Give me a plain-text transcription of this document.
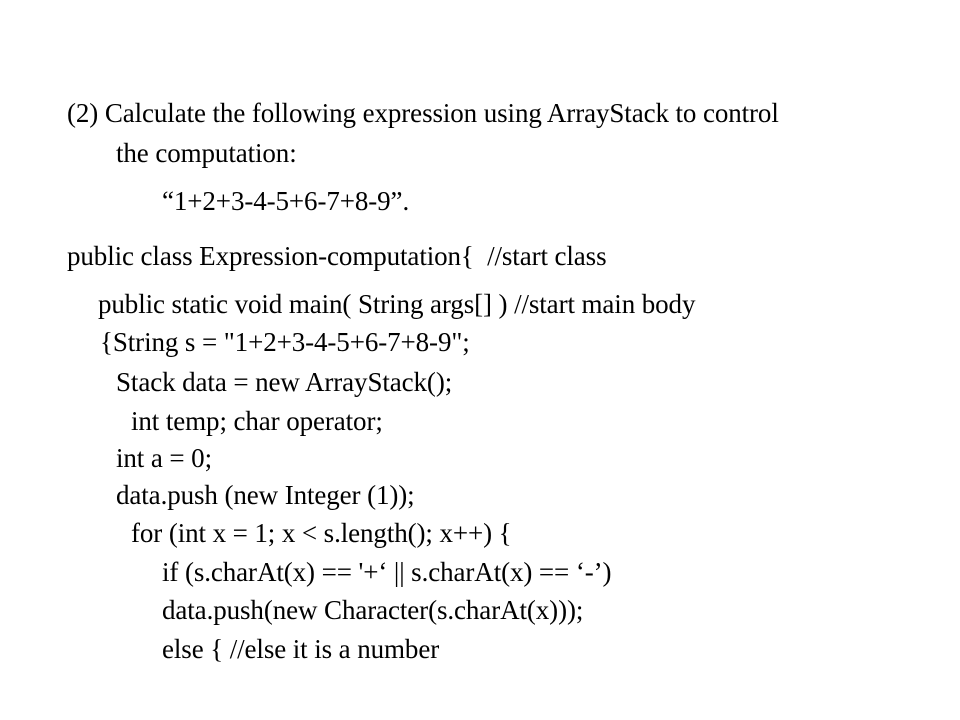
(2) Calculate the following expression using ArrayStack to control
the computation:
“1+2+3-4-5+6-7+8-9”.
public class Expression-computation{  //start class
public static void main( String args[] ) //start main body
{String s = "1+2+3-4-5+6-7+8-9";
Stack data = new ArrayStack();
int temp; char operator;
int a = 0;
data.push (new Integer (1));
for (int x = 1; x < s.length(); x++) {
if (s.charAt(x) == '+‘ || s.charAt(x) == ‘-’)
data.push(new Character(s.charAt(x)));
else { //else it is a number
